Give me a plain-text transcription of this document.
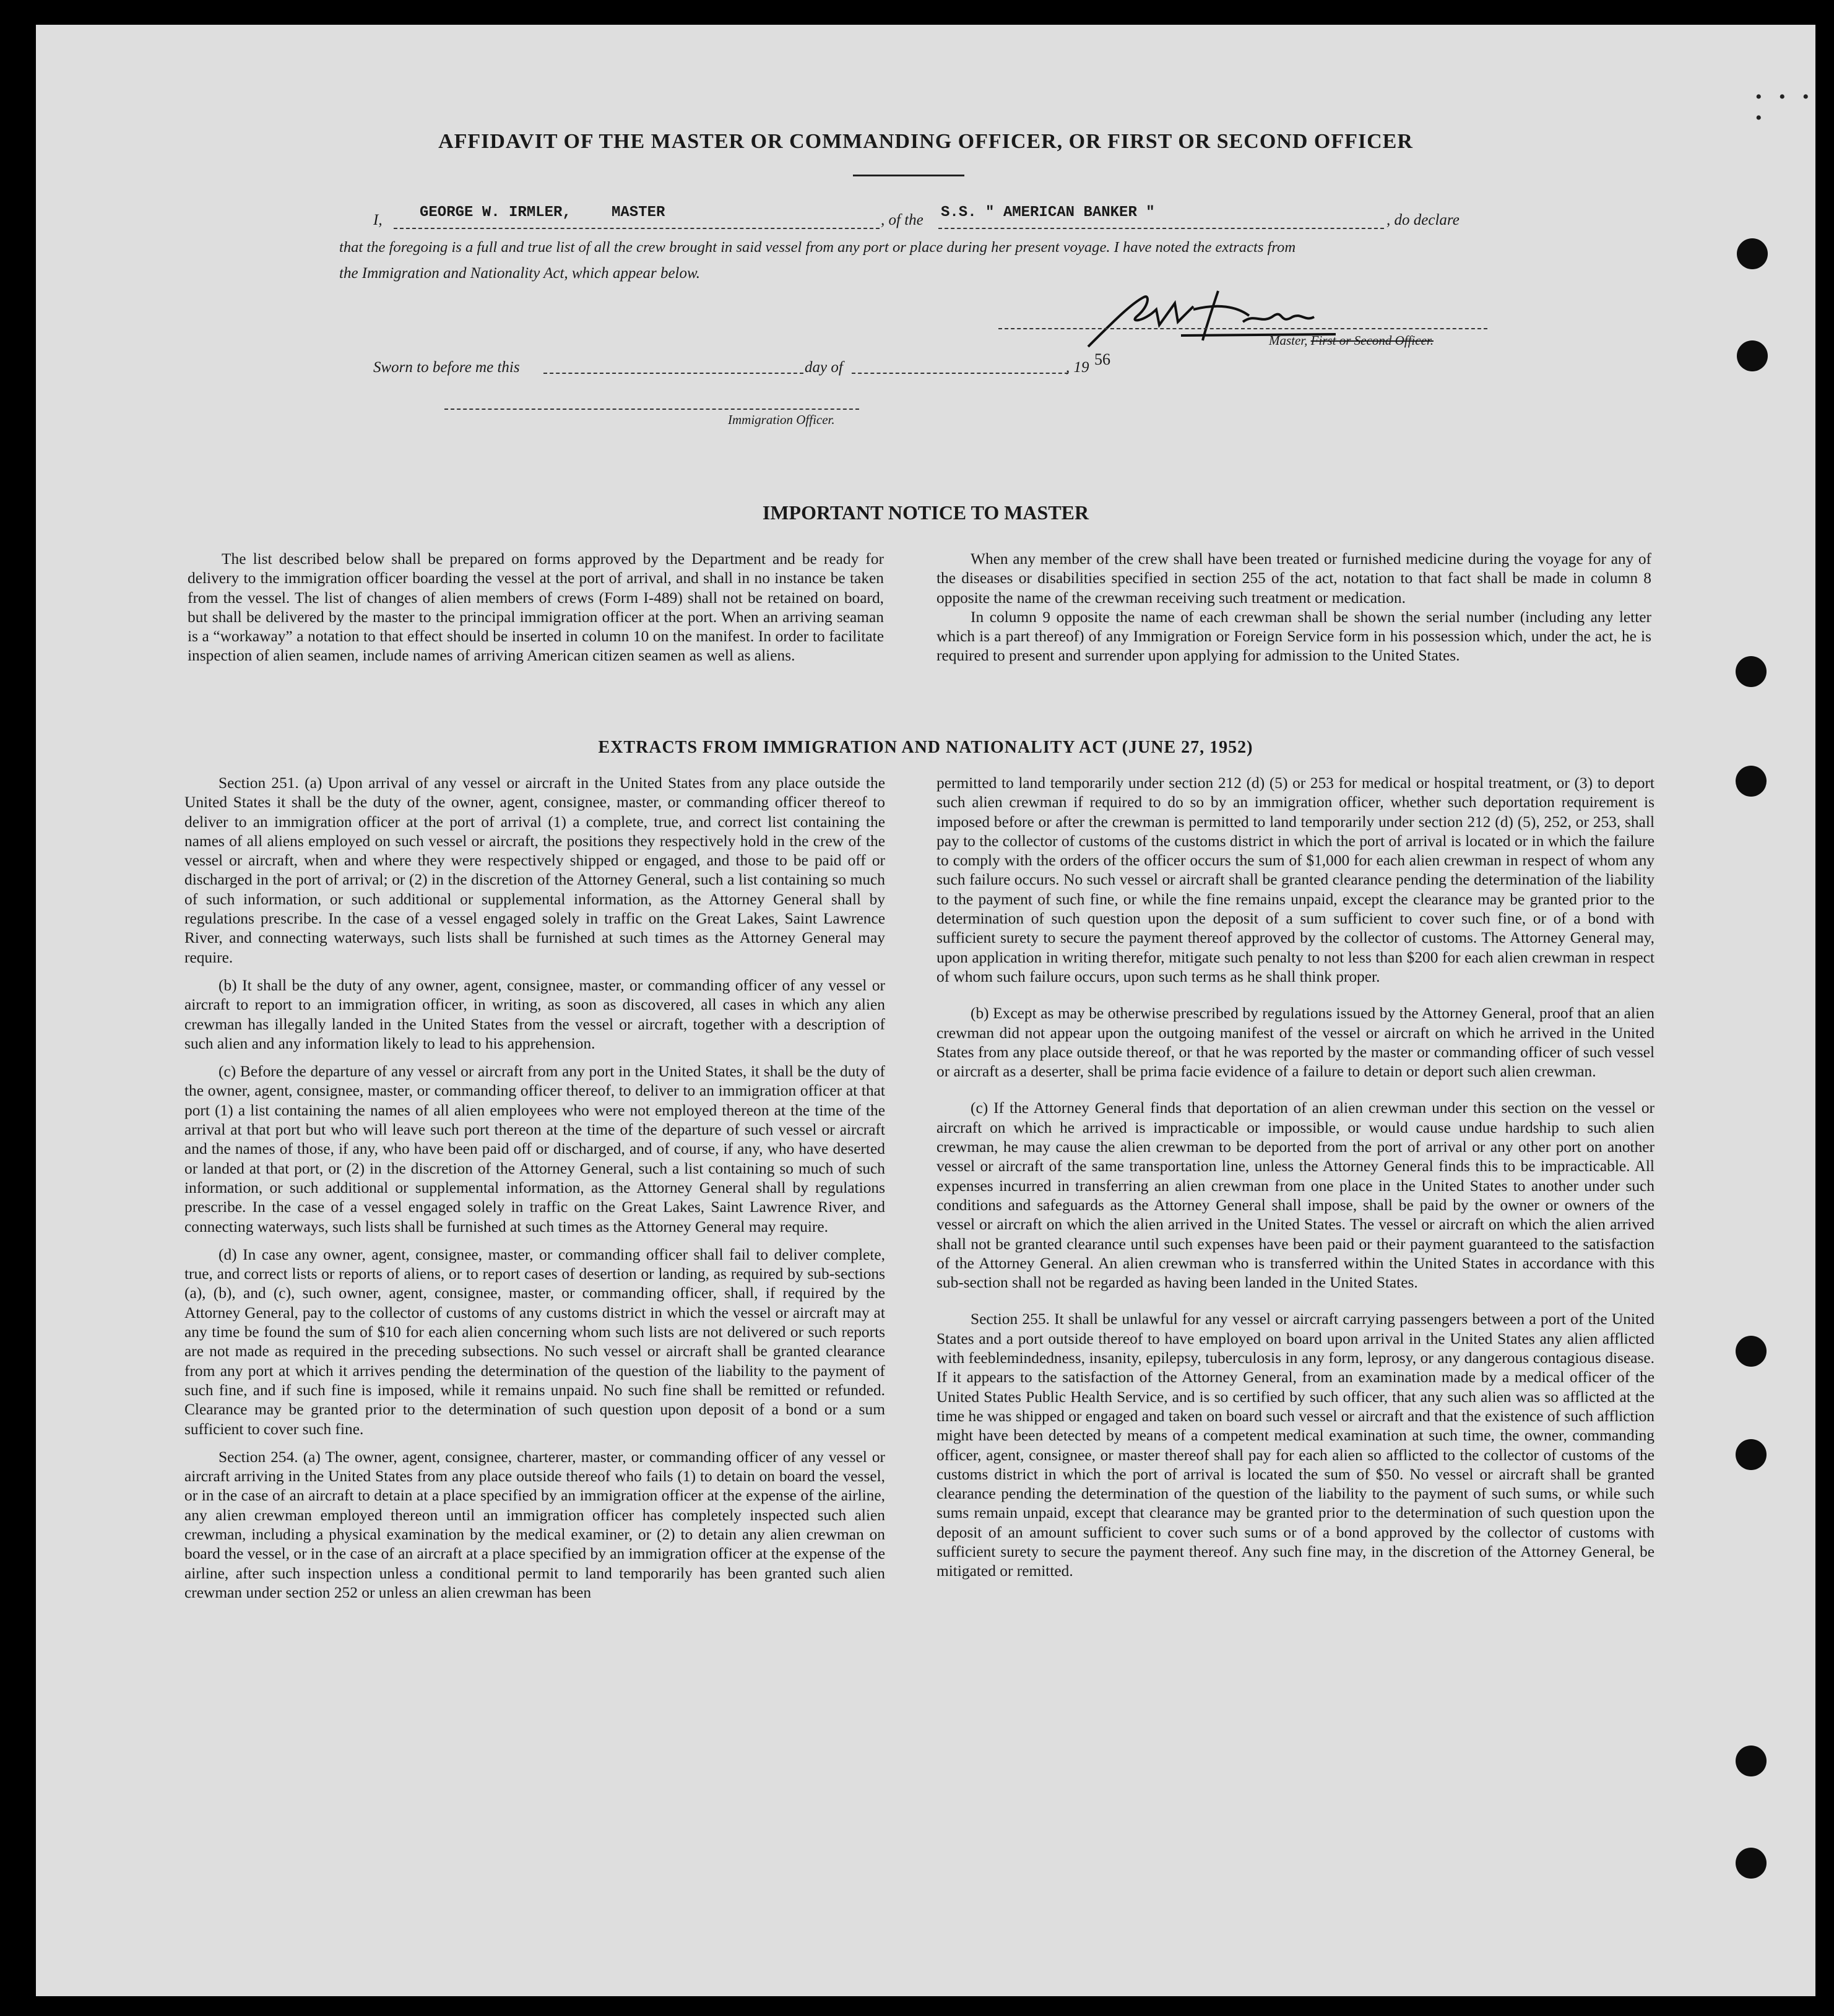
• • • •
AFFIDAVIT OF THE MASTER OR COMMANDING OFFICER, OR FIRST OR SECOND OFFICER
I,	GEORGE W. IRMLER,	MASTER	, of the S.S. " AMERICAN BANKER "	, do declare
that the foregoing is a full and true list of all the crew brought in said vessel from any port or place during her present voyage. I have noted the extracts from
the Immigration and Nationality Act, which appear below.
Master, First or Second Officer.
Sworn to before me this	day of	, 19 56
Immigration Officer.
IMPORTANT NOTICE TO MASTER

The list described below shall be prepared on forms approved by the Department and be ready for delivery to the immigration officer boarding the vessel at the port of arrival, and shall in no instance be taken from the vessel. The list of changes of alien members of crews (Form I-489) shall not be retained on board, but shall be delivered by the master to the principal immigration officer at the port. When an arriving seaman is a “workaway” a notation to that effect should be inserted in column 10 on the manifest. In order to facilitate inspection of alien seamen, include names of arriving American citizen seamen as well as aliens.

When any member of the crew shall have been treated or furnished medicine during the voyage for any of the diseases or disabilities specified in section 255 of the act, notation to that fact shall be made in column 8 opposite the name of the crewman receiving such treatment or medication.

In column 9 opposite the name of each crewman shall be shown the serial number (including any letter which is a part thereof) of any Immigration or Foreign Service form in his possession which, under the act, he is required to present and surrender upon applying for admission to the United States.

EXTRACTS FROM IMMIGRATION AND NATIONALITY ACT (JUNE 27, 1952)

Section 251. (a) Upon arrival of any vessel or aircraft in the United States from any place outside the United States it shall be the duty of the owner, agent, consignee, master, or commanding officer thereof to deliver to an immigration officer at the port of arrival (1) a complete, true, and correct list containing the names of all aliens employed on such vessel or aircraft, the positions they respectively hold in the crew of the vessel or aircraft, when and where they were respectively shipped or engaged, and those to be paid off or discharged in the port of arrival; or (2) in the discretion of the Attorney General, such a list containing so much of such information, or such additional or supplemental information, as the Attorney General shall by regulations prescribe. In the case of a vessel engaged solely in traffic on the Great Lakes, Saint Lawrence River, and connecting waterways, such lists shall be furnished at such times as the Attorney General may require.

(b) It shall be the duty of any owner, agent, consignee, master, or commanding officer of any vessel or aircraft to report to an immigration officer, in writing, as soon as discovered, all cases in which any alien crewman has illegally landed in the United States from the vessel or aircraft, together with a description of such alien and any information likely to lead to his apprehension.

(c) Before the departure of any vessel or aircraft from any port in the United States, it shall be the duty of the owner, agent, consignee, master, or commanding officer thereof, to deliver to an immigration officer at that port (1) a list containing the names of all alien employees who were not employed thereon at the time of the arrival at that port but who will leave such port thereon at the time of the departure of such vessel or aircraft and the names of those, if any, who have been paid off or discharged, and of course, if any, who have deserted or landed at that port, or (2) in the discretion of the Attorney General, such a list containing so much of such information, or such additional or supplemental information, as the Attorney General shall by regulations prescribe. In the case of a vessel engaged solely in traffic on the Great Lakes, Saint Lawrence River, and connecting waterways, such lists shall be furnished at such times as the Attorney General may require.

(d) In case any owner, agent, consignee, master, or commanding officer shall fail to deliver complete, true, and correct lists or reports of aliens, or to report cases of desertion or landing, as required by sub-sections (a), (b), and (c), such owner, agent, consignee, master, or commanding officer, shall, if required by the Attorney General, pay to the collector of customs of any customs district in which the vessel or aircraft may at any time be found the sum of $10 for each alien concerning whom such lists are not delivered or such reports are not made as required in the preceding subsections. No such vessel or aircraft shall be granted clearance from any port at which it arrives pending the determination of the question of the liability to the payment of such fine, and if such fine is imposed, while it remains unpaid. No such fine shall be remitted or refunded. Clearance may be granted prior to the determination of such question upon deposit of a bond or a sum sufficient to cover such fine.

Section 254. (a) The owner, agent, consignee, charterer, master, or commanding officer of any vessel or aircraft arriving in the United States from any place outside thereof who fails (1) to detain on board the vessel, or in the case of an aircraft to detain at a place specified by an immigration officer at the expense of the airline, any alien crewman employed thereon until an immigration officer has completely inspected such alien crewman, including a physical examination by the medical examiner, or (2) to detain any alien crewman on board the vessel, or in the case of an aircraft at a place specified by an immigration officer at the expense of the airline, after such inspection unless a conditional permit to land temporarily has been granted such alien crewman under section 252 or unless an alien crewman has been

permitted to land temporarily under section 212 (d) (5) or 253 for medical or hospital treatment, or (3) to deport such alien crewman if required to do so by an immigration officer, whether such deportation requirement is imposed before or after the crewman is permitted to land temporarily under section 212 (d) (5), 252, or 253, shall pay to the collector of customs of the customs district in which the port of arrival is located or in which the failure to comply with the orders of the officer occurs the sum of $1,000 for each alien crewman in respect of whom any such failure occurs. No such vessel or aircraft shall be granted clearance pending the determination of the liability to the payment of such fine, or while the fine remains unpaid, except the clearance may be granted prior to the determination of such question upon the deposit of a sum sufficient to cover such fine, or of a bond with sufficient surety to secure the payment thereof approved by the collector of customs. The Attorney General may, upon application in writing therefor, mitigate such penalty to not less than $200 for each alien crewman in respect of whom such failure occurs, upon such terms as he shall think proper.

(b) Except as may be otherwise prescribed by regulations issued by the Attorney General, proof that an alien crewman did not appear upon the outgoing manifest of the vessel or aircraft on which he arrived in the United States from any place outside thereof, or that he was reported by the master or commanding officer of such vessel or aircraft as a deserter, shall be prima facie evidence of a failure to detain or deport such alien crewman.

(c) If the Attorney General finds that deportation of an alien crewman under this section on the vessel or aircraft on which he arrived is impracticable or impossible, or would cause undue hardship to such alien crewman, he may cause the alien crewman to be deported from the port of arrival or any other port on another vessel or aircraft of the same transportation line, unless the Attorney General finds this to be impracticable. All expenses incurred in transferring an alien crewman from one place in the United States to another under such conditions and safeguards as the Attorney General shall impose, shall be paid by the owner or owners of the vessel or aircraft on which the alien arrived in the United States. The vessel or aircraft on which the alien arrived shall not be granted clearance until such expenses have been paid or their payment guaranteed to the satisfaction of the Attorney General. An alien crewman who is transferred within the United States in accordance with this sub-section shall not be regarded as having been landed in the United States.

Section 255. It shall be unlawful for any vessel or aircraft carrying passengers between a port of the United States and a port outside thereof to have employed on board upon arrival in the United States any alien afflicted with feeblemindedness, insanity, epilepsy, tuberculosis in any form, leprosy, or any dangerous contagious disease. If it appears to the satisfaction of the Attorney General, from an examination made by a medical officer of the United States Public Health Service, and is so certified by such officer, that any such alien was so afflicted at the time he was shipped or engaged and taken on board such vessel or aircraft and that the existence of such affliction might have been detected by means of a competent medical examination at such time, the owner, commanding officer, agent, consignee, or master thereof shall pay for each alien so afflicted to the collector of customs of the customs district in which the port of arrival is located the sum of $50. No vessel or aircraft shall be granted clearance pending the determination of the question of the liability to the payment of such sums, or while such sums remain unpaid, except that clearance may be granted prior to the determination of such question upon the deposit of an amount sufficient to cover such sums or of a bond approved by the collector of customs with sufficient surety to secure the payment thereof. Any such fine may, in the discretion of the Attorney General, be mitigated or remitted.
